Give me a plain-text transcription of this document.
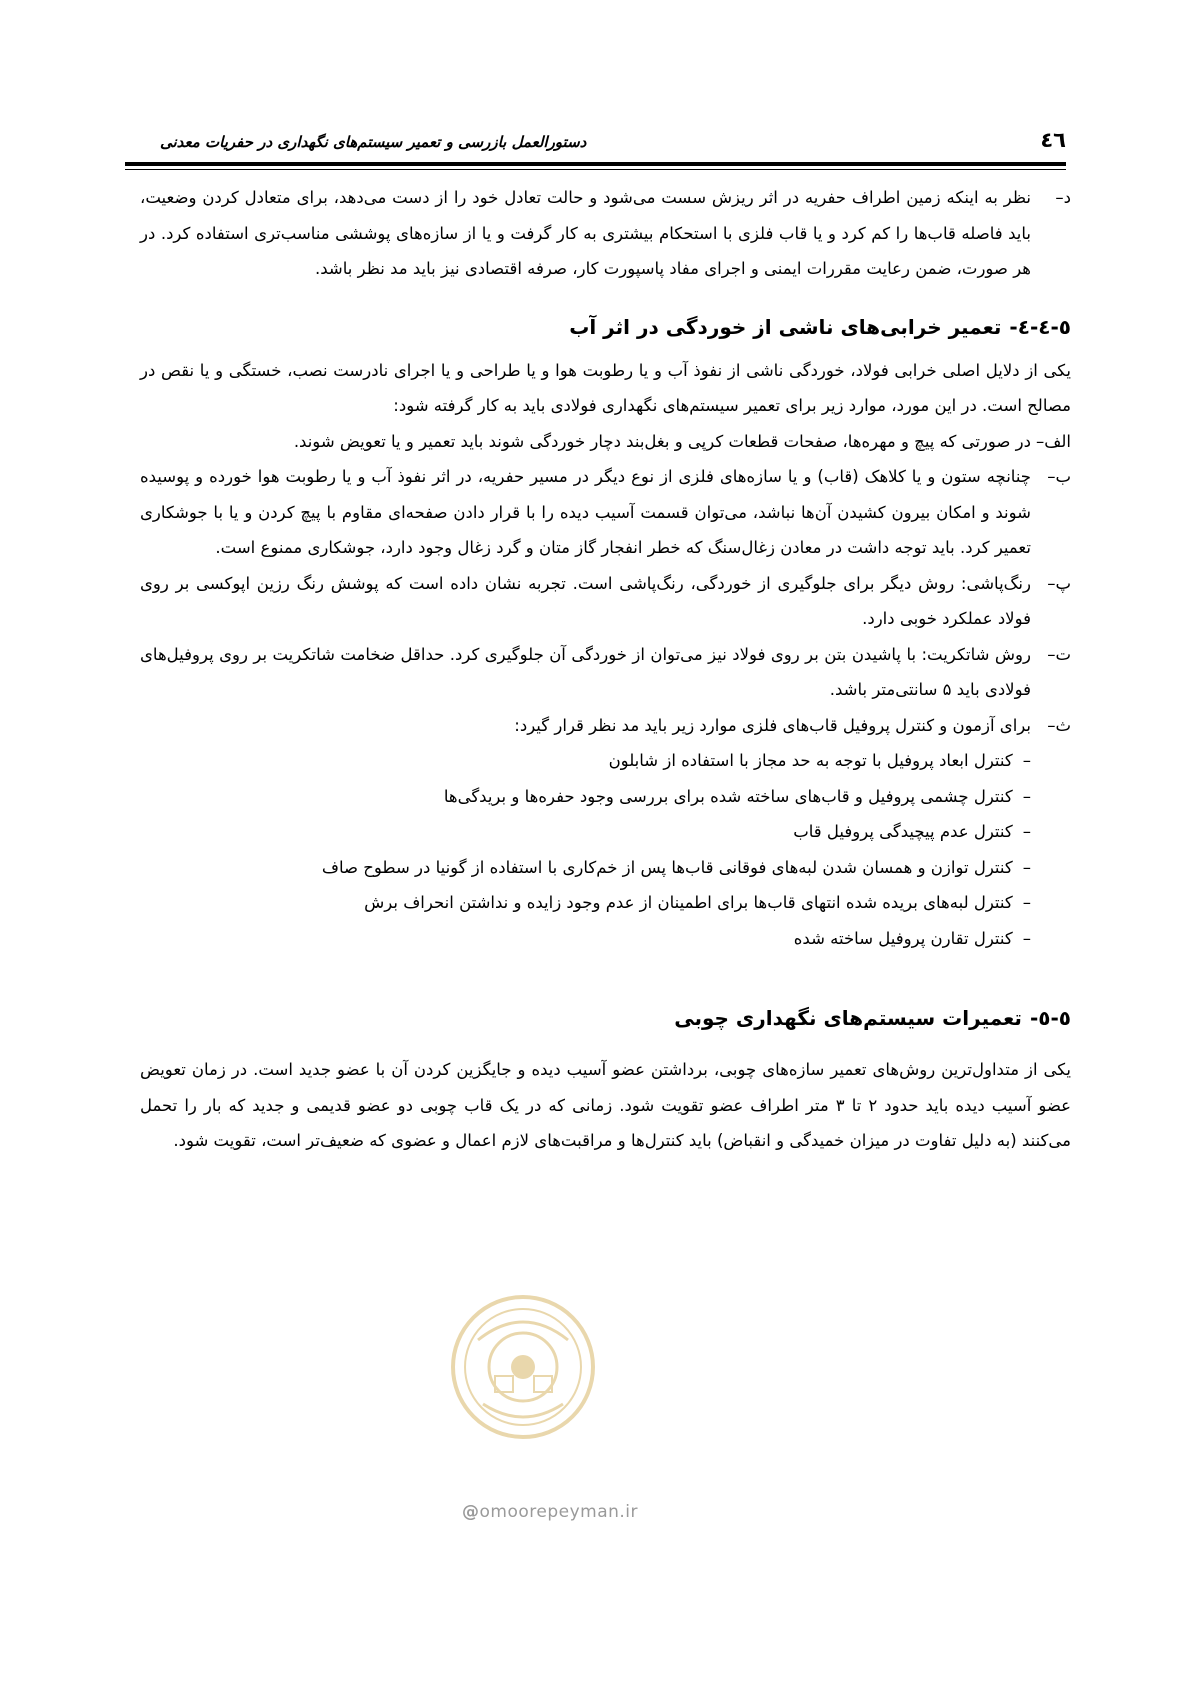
٤٦
دستورالعمل بازرسی و تعمیر سیستم‌های نگهداری در حفریات معدنی
د–
نظر به اینکه زمین اطراف حفریه در اثر ریزش سست می‌شود و حالت تعادل خود را از دست می‌دهد، برای متعادل کردن وضعیت، باید فاصله قاب‌ها را کم کرد و یا قاب فلزی با استحکام بیشتری به کار گرفت و یا از سازه‌های پوششی مناسب‌تری استفاده کرد. در هر صورت، ضمن رعایت مقررات ایمنی و اجرای مفاد پاسپورت کار، صرفه اقتصادی نیز باید مد نظر باشد.
٥-٤-٤-تعمیر خرابی‌های ناشی از خوردگی در اثر آب

یکی از دلایل اصلی خرابی فولاد، خوردگی ناشی از نفوذ آب و یا رطوبت هوا و یا طراحی و یا اجرای نادرست نصب، خستگی و یا نقص در مصالح است. در این مورد، موارد زیر برای تعمیر سیستم‌های نگهداری فولادی باید به کار گرفته شود:

الف–
در صورتی که پیچ و مهره‌ها، صفحات قطعات کرپی و بغل‌بند دچار خوردگی شوند باید تعمیر و یا تعویض شوند.
ب–
چنانچه ستون و یا کلاهک (قاب) و یا سازه‌های فلزی از نوع دیگر در مسیر حفریه، در اثر نفوذ آب و یا رطوبت هوا خورده و پوسیده شوند و امکان بیرون کشیدن آن‌ها نباشد، می‌توان قسمت آسیب دیده را با قرار دادن صفحه‌ای مقاوم با پیچ کردن و یا با جوشکاری تعمیر کرد. باید توجه داشت در معادن زغال‌سنگ که خطر انفجار گاز متان و گرد زغال وجود دارد، جوشکاری ممنوع است.
پ–
رنگ‌پاشی: روش دیگر برای جلوگیری از خوردگی، رنگ‌پاشی است. تجربه نشان داده است که پوشش رنگ رزین اپوکسی بر روی فولاد عملکرد خوبی دارد.
ت–
روش شاتکریت: با پاشیدن بتن بر روی فولاد نیز می‌توان از خوردگی آن جلوگیری کرد. حداقل ضخامت شاتکریت بر روی پروفیل‌های فولادی باید ۵ سانتی‌متر باشد.
ث–
برای آزمون و کنترل پروفیل قاب‌های فلزی موارد زیر باید مد نظر قرار گیرد:
–کنترل ابعاد پروفیل با توجه به حد مجاز با استفاده از شابلون
–کنترل چشمی پروفیل و قاب‌های ساخته شده برای بررسی وجود حفره‌ها و بریدگی‌ها
–کنترل عدم پیچیدگی پروفیل قاب
–کنترل توازن و همسان شدن لبه‌های فوقانی قاب‌ها پس از خم‌کاری با استفاده از گونیا در سطوح صاف
–کنترل لبه‌های بریده شده انتهای قاب‌ها برای اطمینان از عدم وجود زایده و نداشتن انحراف برش
–کنترل تقارن پروفیل ساخته شده
٥-٥-تعمیرات سیستم‌های نگهداری چوبی

یکی از متداول‌ترین روش‌های تعمیر سازه‌های چوبی، برداشتن عضو آسیب دیده و جایگزین کردن آن با عضو جدید است. در زمان تعویض عضو آسیب دیده باید حدود ۲ تا ۳ متر اطراف عضو تقویت شود. زمانی که در یک قاب چوبی دو عضو قدیمی و جدید که بار را تحمل می‌کنند (به دلیل تفاوت در میزان خمیدگی و انقباض) باید کنترل‌ها و مراقبت‌های لازم اعمال و عضوی که ضعیف‌تر است، تقویت شود.

@omoorepeyman.ir
